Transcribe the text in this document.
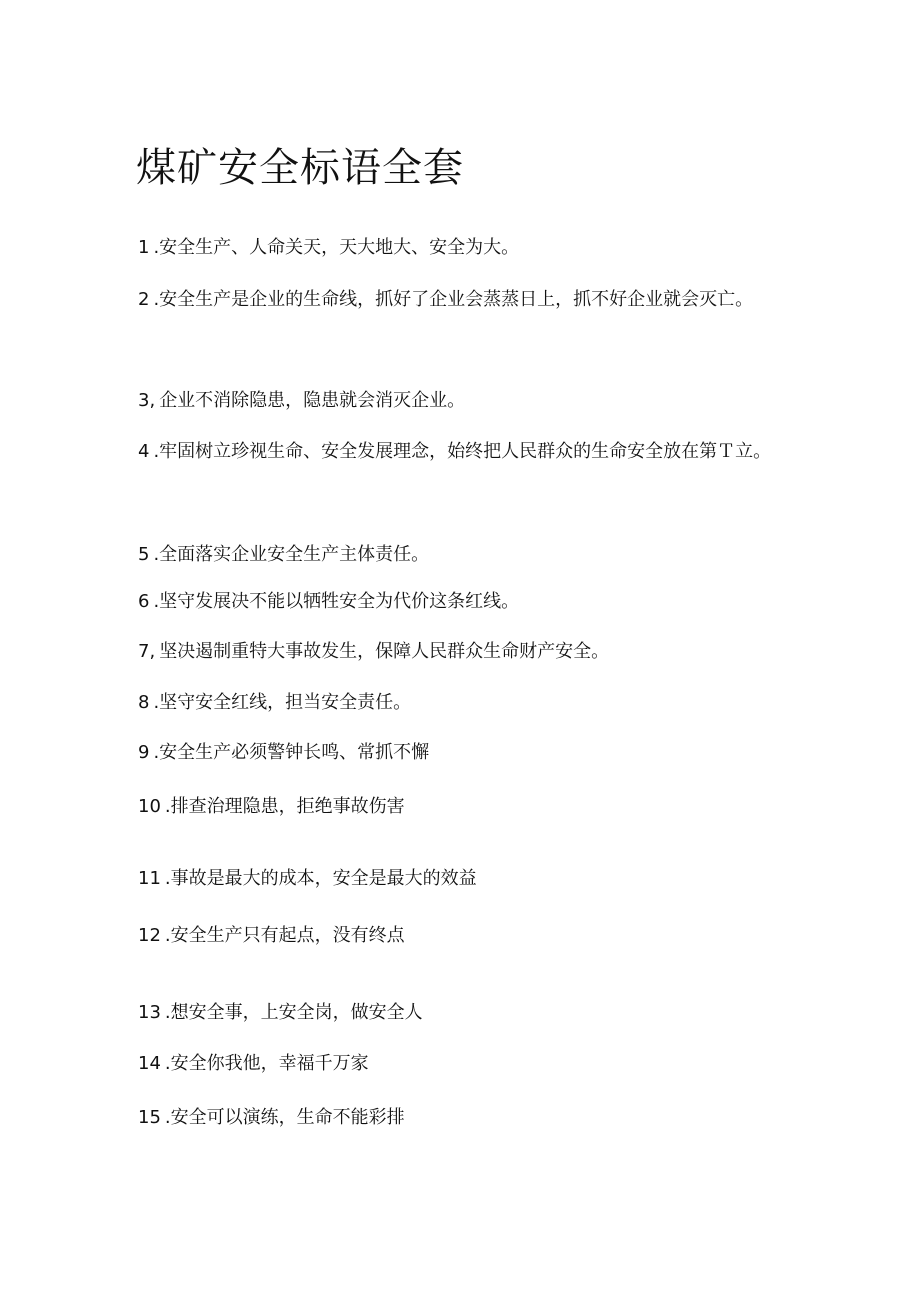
煤矿安全标语全套
1 .安全生产、人命关天，天大地大、安全为大。
2 .安全生产是企业的生命线，抓好了企业会蒸蒸日上，抓不好企业就会灭亡。
3, 企业不消除隐患，隐患就会消灭企业。
4 .牢固树立珍视生命、安全发展理念，始终把人民群众的生命安全放在第Ｔ立。
5 .全面落实企业安全生产主体责任。
6 .坚守发展决不能以牺牲安全为代价这条红线。
7, 坚决遏制重特大事故发生，保障人民群众生命财产安全。
8 .坚守安全红线，担当安全责任。
9 .安全生产必须警钟长鸣、常抓不懈
10 .排查治理隐患，拒绝事故伤害
11 .事故是最大的成本，安全是最大的效益
12 .安全生产只有起点，没有终点
13 .想安全事，上安全岗，做安全人
14 .安全你我他，幸福千万家
15 .安全可以演练，生命不能彩排
